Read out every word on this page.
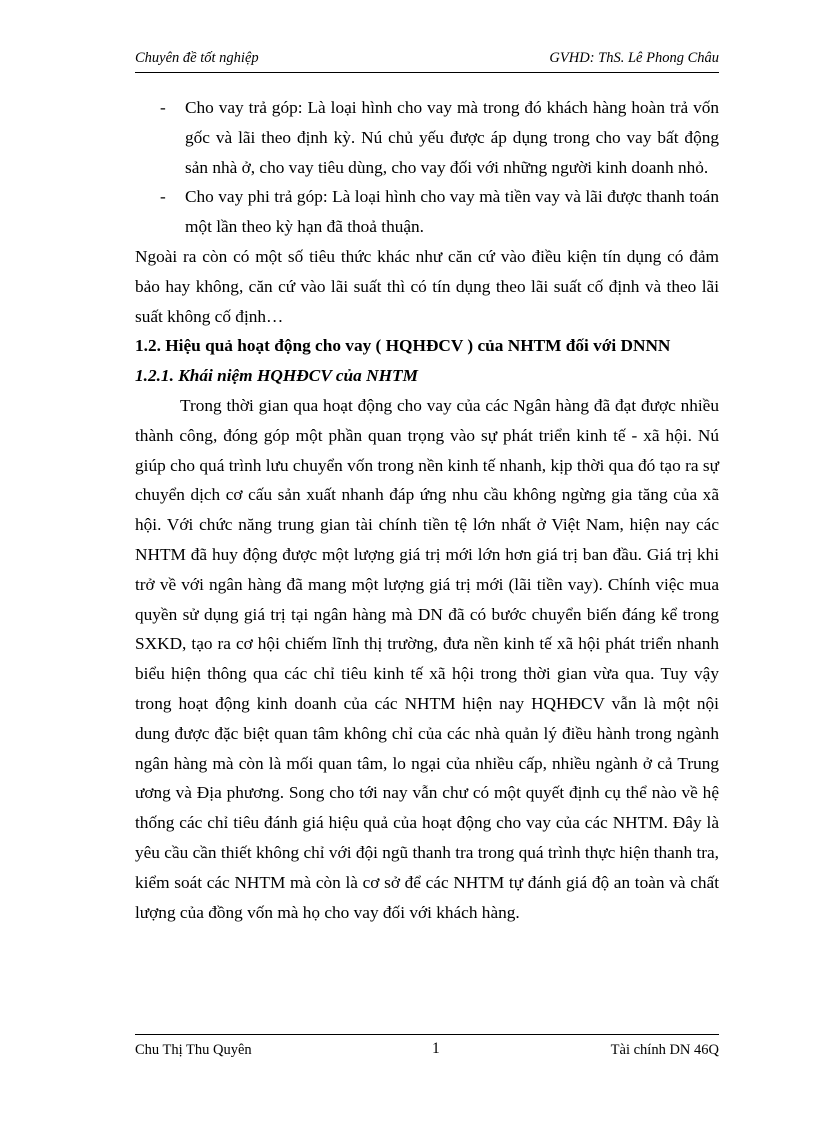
Chuyên đề tốt nghiệp	GVHD: ThS. Lê Phong Châu
- Cho vay trả góp: Là loại hình cho vay mà trong đó khách hàng hoàn trả vốn gốc và lãi theo định kỳ. Nú chủ yếu được áp dụng trong cho vay bất động sản nhà ở, cho vay tiêu dùng, cho vay đối với những người kinh doanh nhỏ.
- Cho vay phi trả góp: Là loại hình cho vay mà tiền vay và lãi được thanh toán một lần theo kỳ hạn đã thoả thuận.

Ngoài ra còn có một số tiêu thức khác như căn cứ vào điều kiện tín dụng có đảm bảo hay không, căn cứ vào lãi suất thì có tín dụng theo lãi suất cố định và theo lãi suất không cố định…

1.2. Hiệu quả hoạt động cho vay ( HQHĐCV ) của NHTM đối với DNNN
1.2.1. Khái niệm HQHĐCV của NHTM

Trong thời gian qua hoạt động cho vay của các Ngân hàng đã đạt được nhiều thành công, đóng góp một phần quan trọng vào sự phát triển kinh tế - xã hội. Nú giúp cho quá trình lưu chuyển vốn trong nền kinh tế nhanh, kịp thời qua đó tạo ra sự chuyển dịch cơ cấu sản xuất nhanh đáp ứng nhu cầu không ngừng gia tăng của xã hội. Với chức năng trung gian tài chính tiền tệ lớn nhất ở Việt Nam, hiện nay các NHTM đã huy động được một lượng giá trị mới lớn hơn giá trị ban đầu. Giá trị khi trở về với ngân hàng đã mang một lượng giá trị mới (lãi tiền vay). Chính việc mua quyền sử dụng giá trị tại ngân hàng mà DN đã có bước chuyển biến đáng kể trong SXKD, tạo ra cơ hội chiếm lĩnh thị trường, đưa nền kinh tế xã hội phát triển nhanh biểu hiện thông qua các chỉ tiêu kinh tế xã hội trong thời gian vừa qua. Tuy vậy trong hoạt động kinh doanh của các NHTM hiện nay HQHĐCV vẫn là một nội dung được đặc biệt quan tâm không chỉ của các nhà quản lý điều hành trong ngành ngân hàng mà còn là mối quan tâm, lo ngại của nhiều cấp, nhiều ngành ở cả Trung ương và Địa phương. Song cho tới nay vẫn chư có một quyết định cụ thể nào về hệ thống các chỉ tiêu đánh giá hiệu quả của hoạt động cho vay của các NHTM. Đây là yêu cầu cần thiết không chỉ với đội ngũ thanh tra trong quá trình thực hiện thanh tra, kiểm soát các NHTM mà còn là cơ sở để các NHTM tự đánh giá độ an toàn và chất lượng của đồng vốn mà họ cho vay đối với khách hàng.

Chu Thị Thu Quyên	1	Tài chính DN 46Q
